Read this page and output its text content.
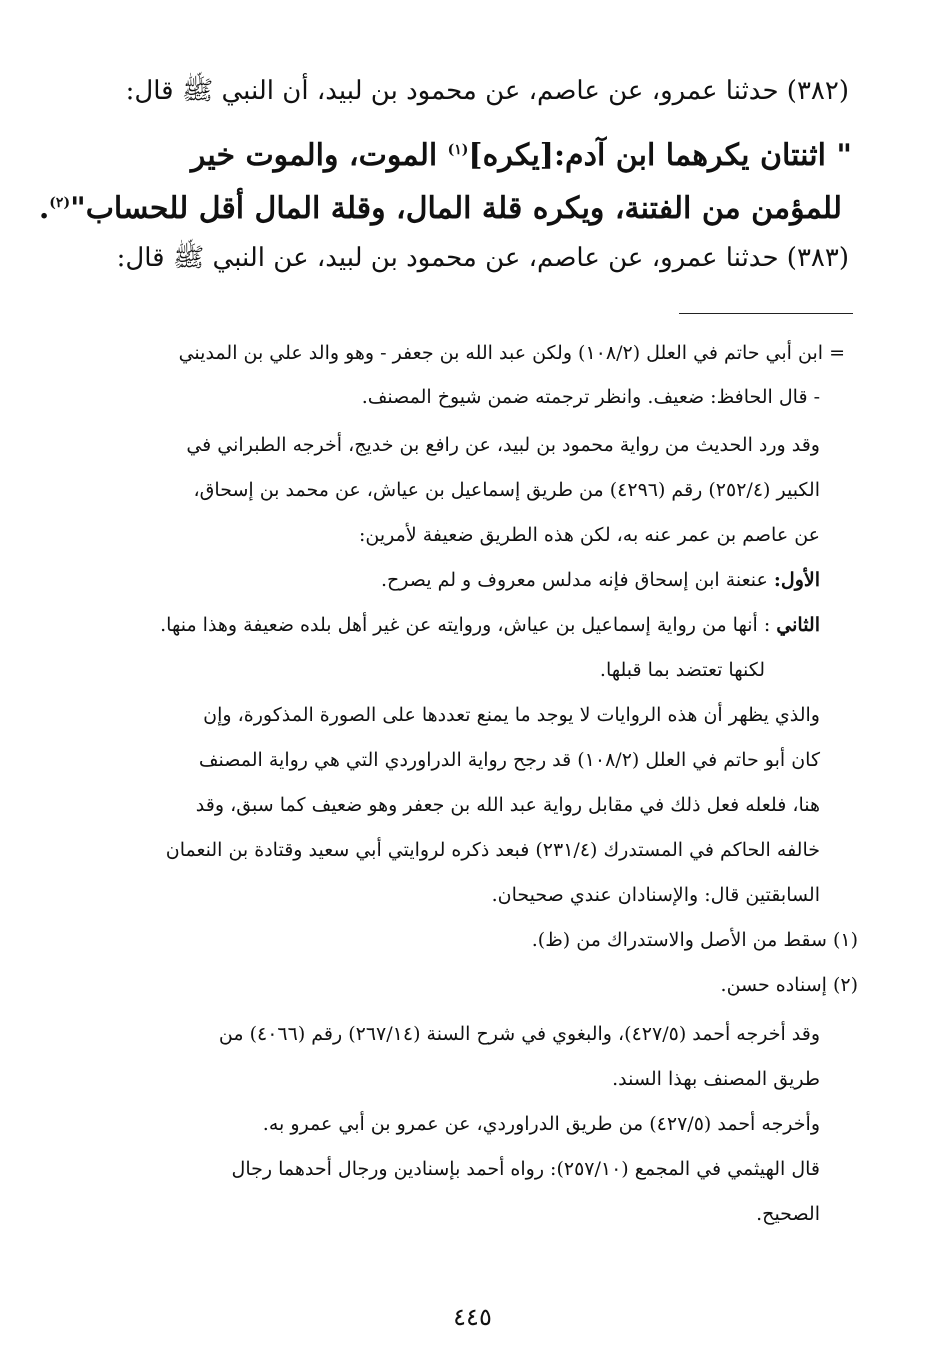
(٣٨٢) حدثنا عمرو، عن عاصم، عن محمود بن لبيد، أن النبي ﷺ قال:
" اثنتان يكرهما ابن آدم:[يكره]$^{(١)}$ الموت، والموت خير
للمؤمن من الفتنة، ويكره قلة المال، وقلة المال أقل للحساب"$^{(٢)}$.
(٣٨٣) حدثنا عمرو، عن عاصم، عن محمود بن لبيد، عن النبي ﷺ قال:
= ابن أبي حاتم في العلل (١٠٨/٢) ولكن عبد الله بن جعفر - وهو والد علي بن المديني
- قال الحافظ: ضعيف. وانظر ترجمته ضمن شيوخ المصنف.
وقد ورد الحديث من رواية محمود بن لبيد، عن رافع بن خديج، أخرجه الطبراني في
الكبير (٢٥٢/٤) رقم (٤٢٩٦) من طريق إسماعيل بن عياش، عن محمد بن إسحاق،
عن عاصم بن عمر عنه به، لكن هذه الطريق ضعيفة لأمرين:
الأول: عنعنة ابن إسحاق فإنه مدلس معروف و لم يصرح.
الثاني : أنها من رواية إسماعيل بن عياش، وروايته عن غير أهل بلده ضعيفة وهذا منها.
لكنها تعتضد بما قبلها.
والذي يظهر أن هذه الروايات لا يوجد ما يمنع تعددها على الصورة المذكورة، وإن
كان أبو حاتم في العلل (١٠٨/٢) قد رجح رواية الدراوردي التي هي رواية المصنف
هنا، فلعله فعل ذلك في مقابل رواية عبد الله بن جعفر وهو ضعيف كما سبق، وقد
خالفه الحاكم في المستدرك (٢٣١/٤) فبعد ذكره لروايتي أبي سعيد وقتادة بن النعمان
السابقتين قال: والإسنادان عندي صحيحان.
(١) سقط من الأصل والاستدراك من (ظ).
(٢) إسناده حسن.
وقد أخرجه أحمد (٤٢٧/٥)، والبغوي في شرح السنة (٢٦٧/١٤) رقم (٤٠٦٦) من
طريق المصنف بهذا السند.
وأخرجه أحمد (٤٢٧/٥) من طريق الدراوردي، عن عمرو بن أبي عمرو به.
قال الهيثمي في المجمع (٢٥٧/١٠): رواه أحمد بإسنادين ورجال أحدهما رجال
الصحيح.
٤٤٥
